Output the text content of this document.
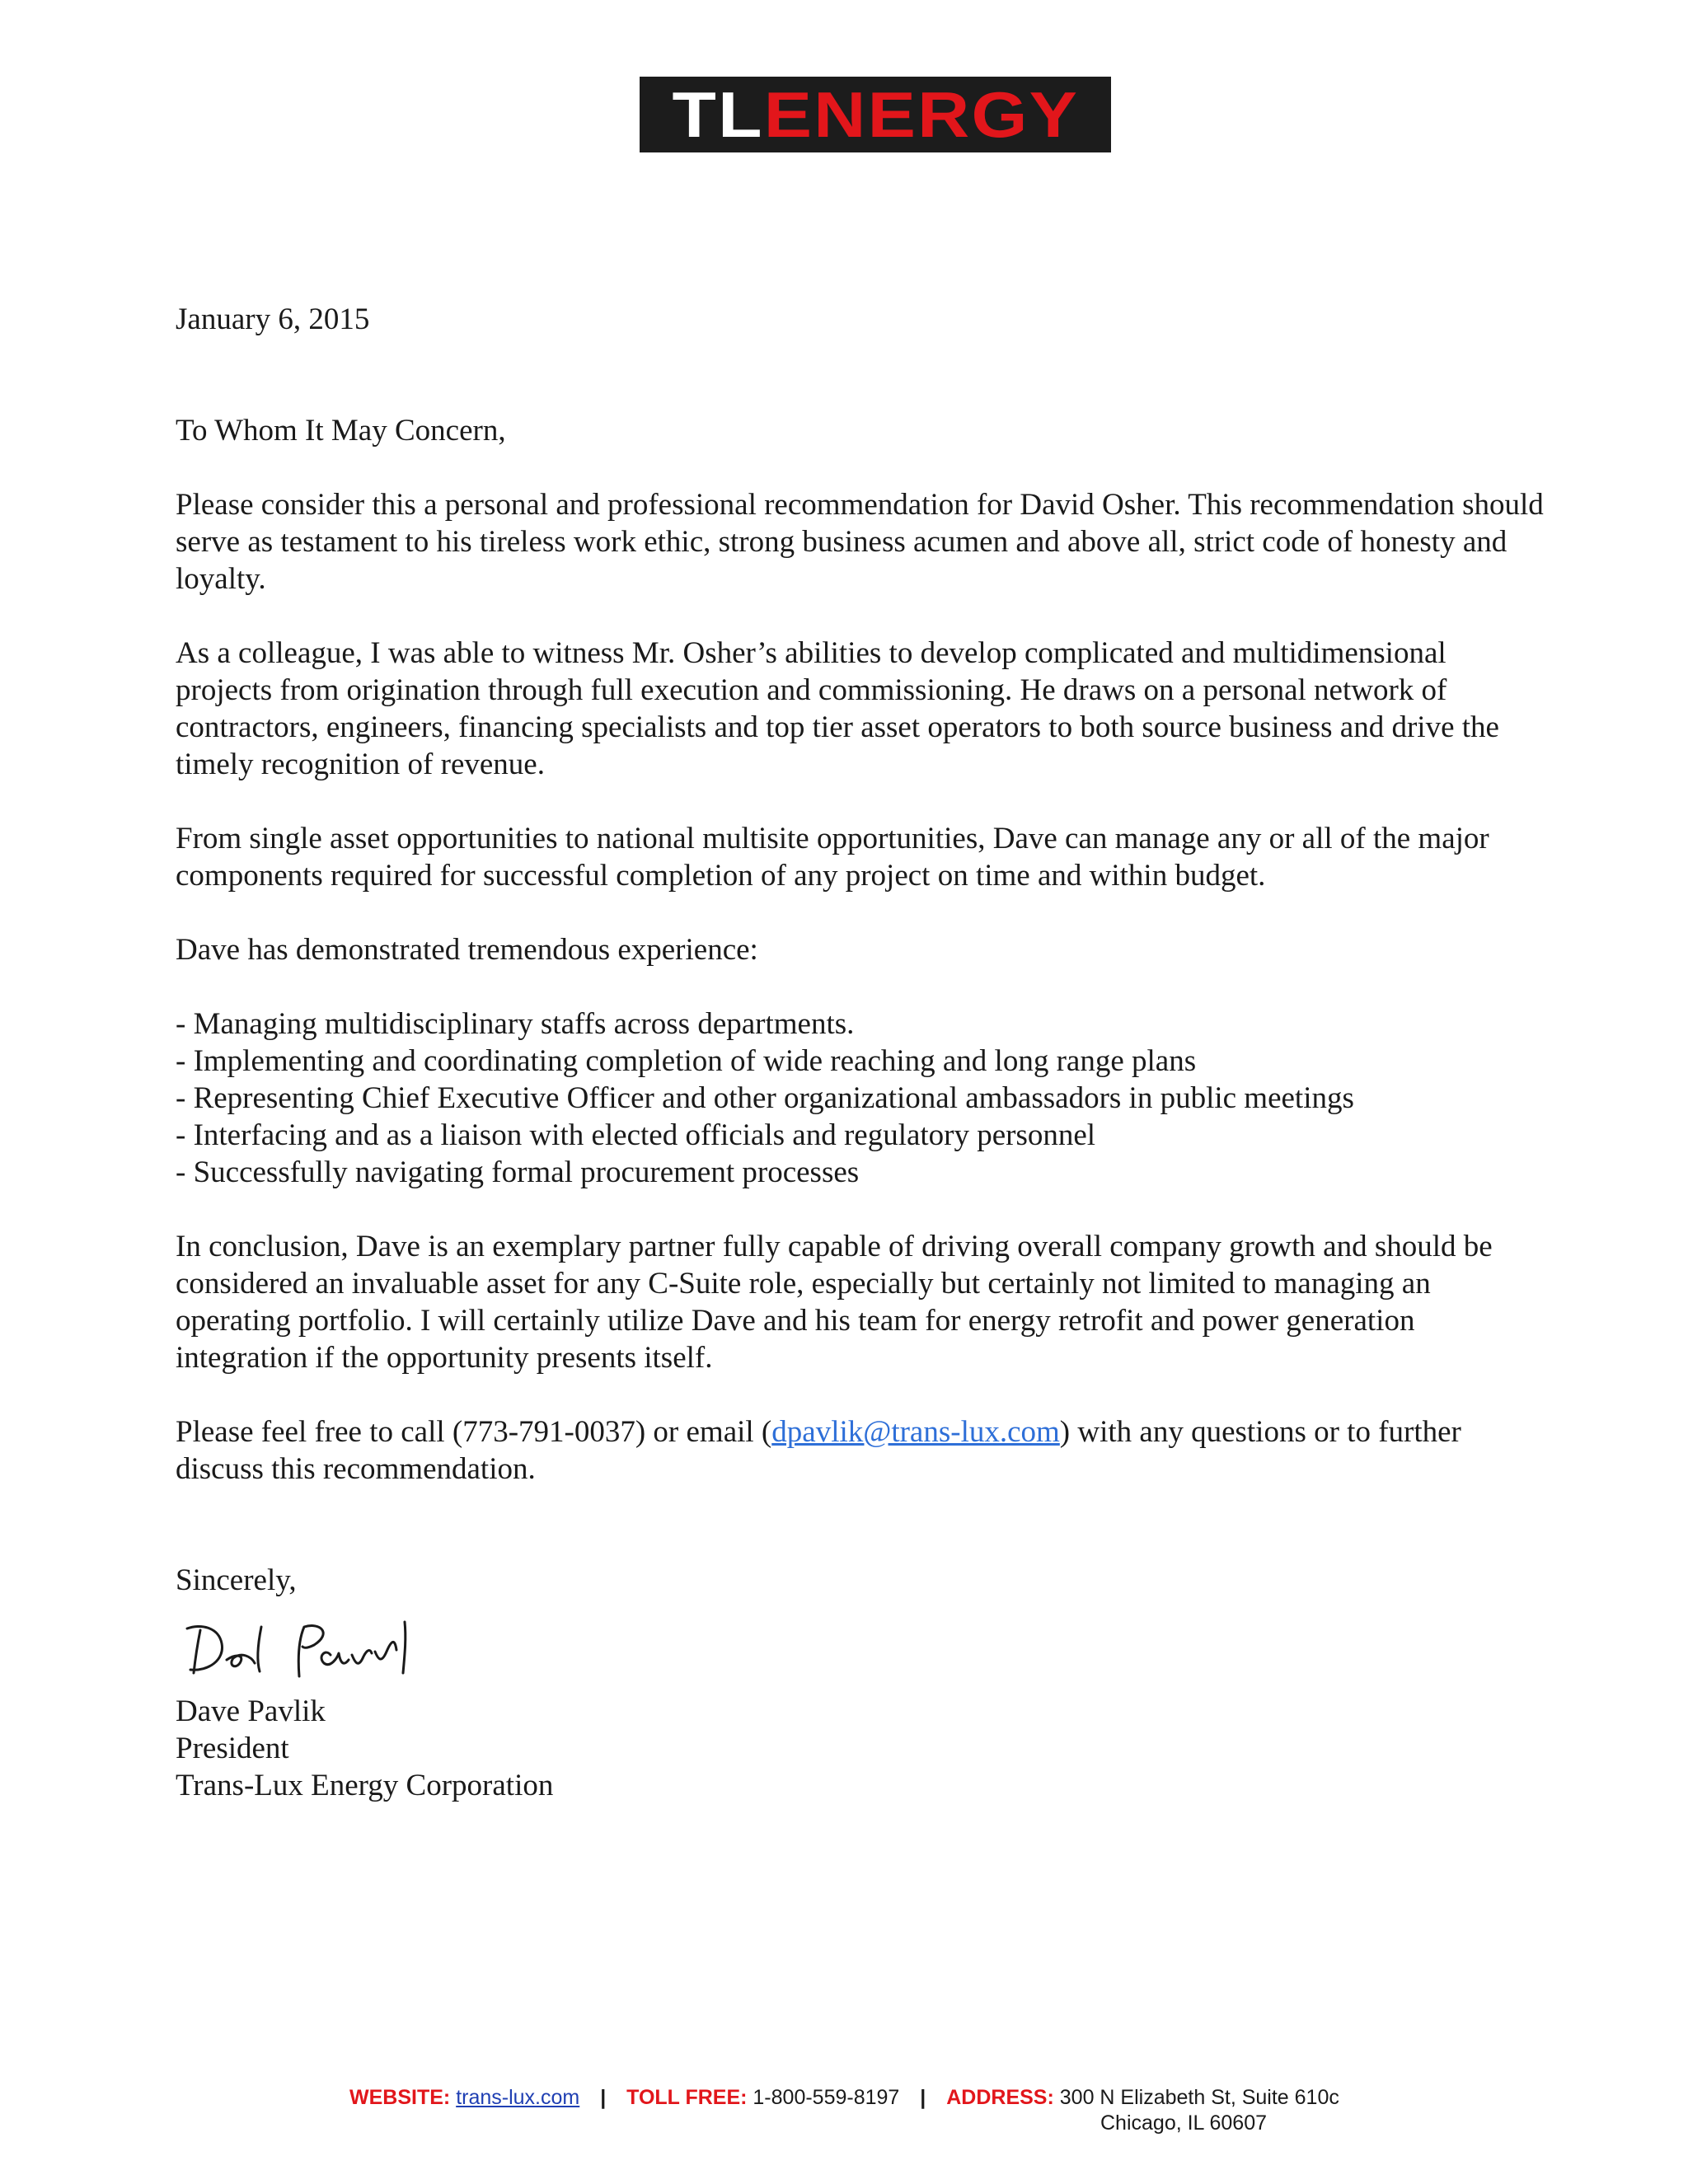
TLENERGY

January 6, 2015

To Whom It May Concern,

Please consider this a personal and professional recommendation for David Osher. This recommendation should serve as testament to his tireless work ethic, strong business acumen and above all, strict code of honesty and loyalty.

As a colleague, I was able to witness Mr. Osher’s abilities to develop complicated and multidimensional projects from origination through full execution and commissioning. He draws on a personal network of contractors, engineers, financing specialists and top tier asset operators to both source business and drive the timely recognition of revenue.

From single asset opportunities to national multisite opportunities, Dave can manage any or all of the major components required for successful completion of any project on time and within budget.

Dave has demonstrated tremendous experience:

- Managing multidisciplinary staffs across departments.

- Implementing and coordinating completion of wide reaching and long range plans

- Representing Chief Executive Officer and other organizational ambassadors in public meetings

- Interfacing and as a liaison with elected officials and regulatory personnel

- Successfully navigating formal procurement processes

In conclusion, Dave is an exemplary partner fully capable of driving overall company growth and should be considered an invaluable asset for any C-Suite role, especially but certainly not limited to managing an operating portfolio. I will certainly utilize Dave and his team for energy retrofit and power generation integration if the opportunity presents itself.

Please feel free to call (773-791-0037) or email (dpavlik@trans-lux.com) with any questions or to further discuss this recommendation.

Sincerely,

Dave Pavlik

President

Trans-Lux Energy Corporation

WEBSITE: trans-lux.com | TOLL FREE: 1-800-559-8197 | ADDRESS: 300 N Elizabeth St, Suite 610c
Chicago, IL 60607
